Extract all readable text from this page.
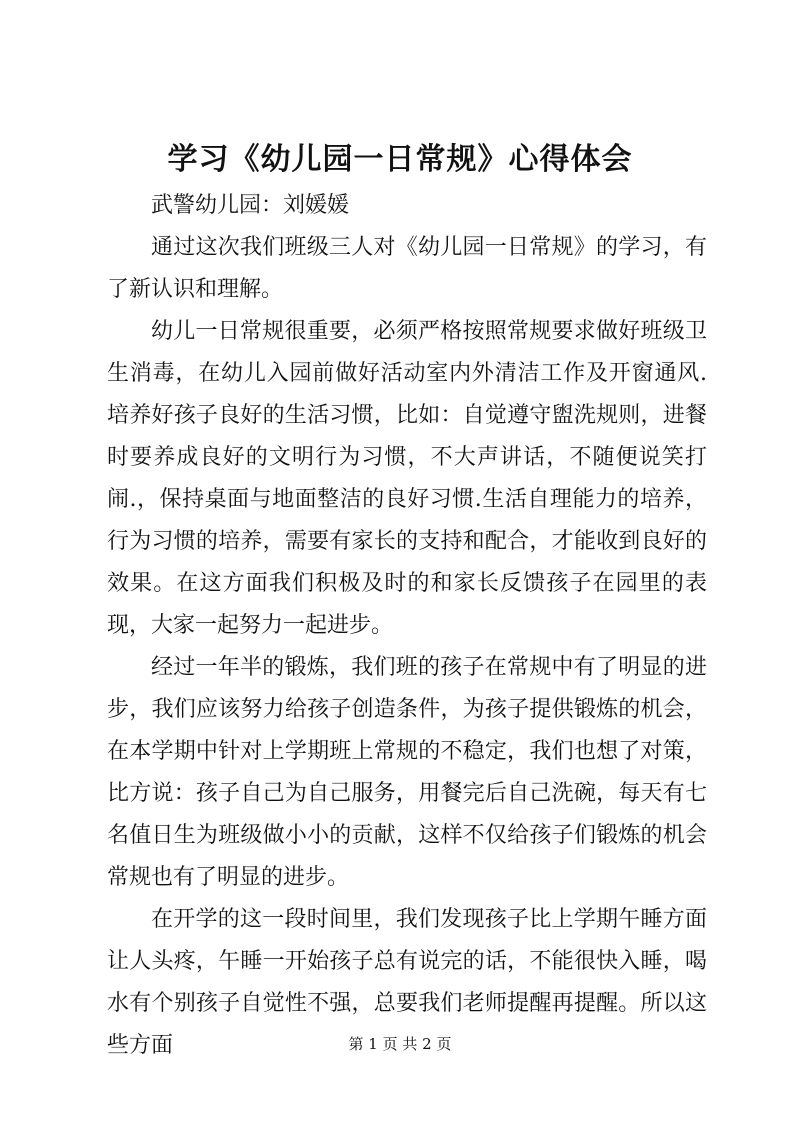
学习《幼儿园一日常规》心得体会

武警幼儿园：刘媛媛

通过这次我们班级三人对《幼儿园一日常规》的学习，有了新认识和理解。

幼儿一日常规很重要，必须严格按照常规要求做好班级卫生消毒，在幼儿入园前做好活动室内外清洁工作及开窗通风.培养好孩子良好的生活习惯，比如：自觉遵守盥洗规则，进餐时要养成良好的文明行为习惯，不大声讲话，不随便说笑打闹.，保持桌面与地面整洁的良好习惯.生活自理能力的培养，行为习惯的培养，需要有家长的支持和配合，才能收到良好的效果。在这方面我们积极及时的和家长反馈孩子在园里的表现，大家一起努力一起进步。

经过一年半的锻炼，我们班的孩子在常规中有了明显的进步，我们应该努力给孩子创造条件，为孩子提供锻炼的机会，在本学期中针对上学期班上常规的不稳定，我们也想了对策，比方说：孩子自己为自己服务，用餐完后自己洗碗，每天有七名值日生为班级做小小的贡献，这样不仅给孩子们锻炼的机会常规也有了明显的进步。

在开学的这一段时间里，我们发现孩子比上学期午睡方面让人头疼，午睡一开始孩子总有说完的话，不能很快入睡，喝水有个别孩子自觉性不强，总要我们老师提醒再提醒。所以这些方面	第 1 页 共 2 页
